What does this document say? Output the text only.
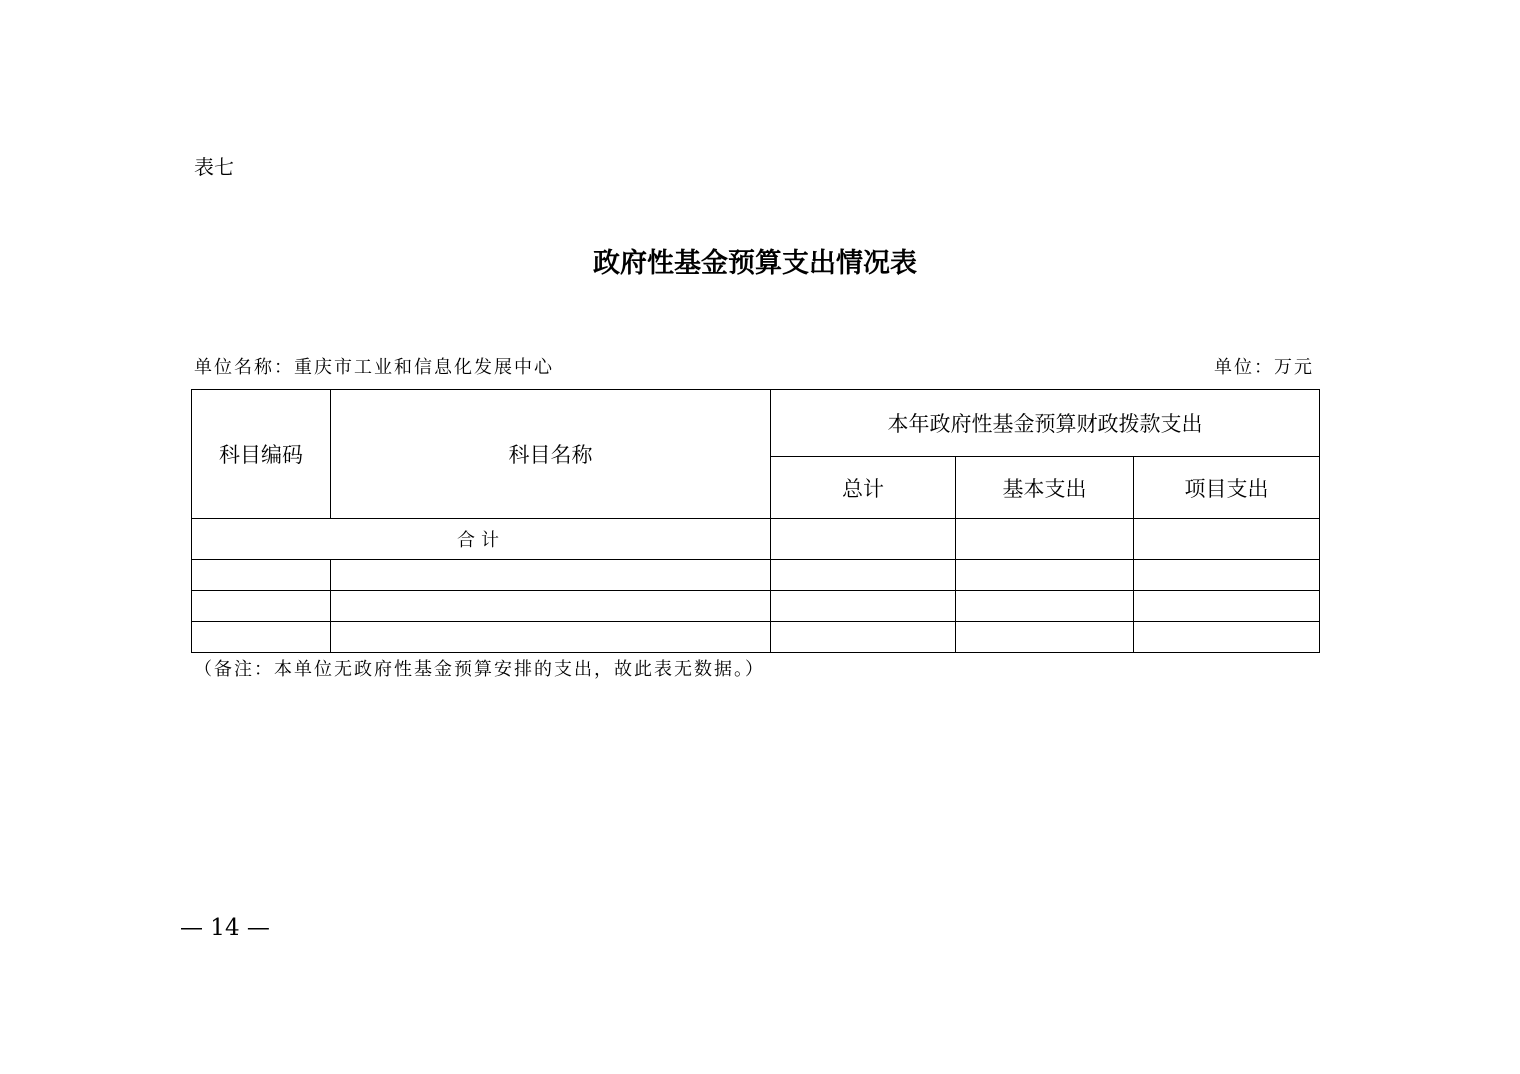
表七
政府性基金预算支出情况表
单位名称：重庆市工业和信息化发展中心	单位：万元
科目编码	科目名称	本年政府性基金预算财政拨款支出		
		总计	基本支出	项目支出
合计				

（备注：本单位无政府性基金预算安排的支出，故此表无数据。）
— 14 —
